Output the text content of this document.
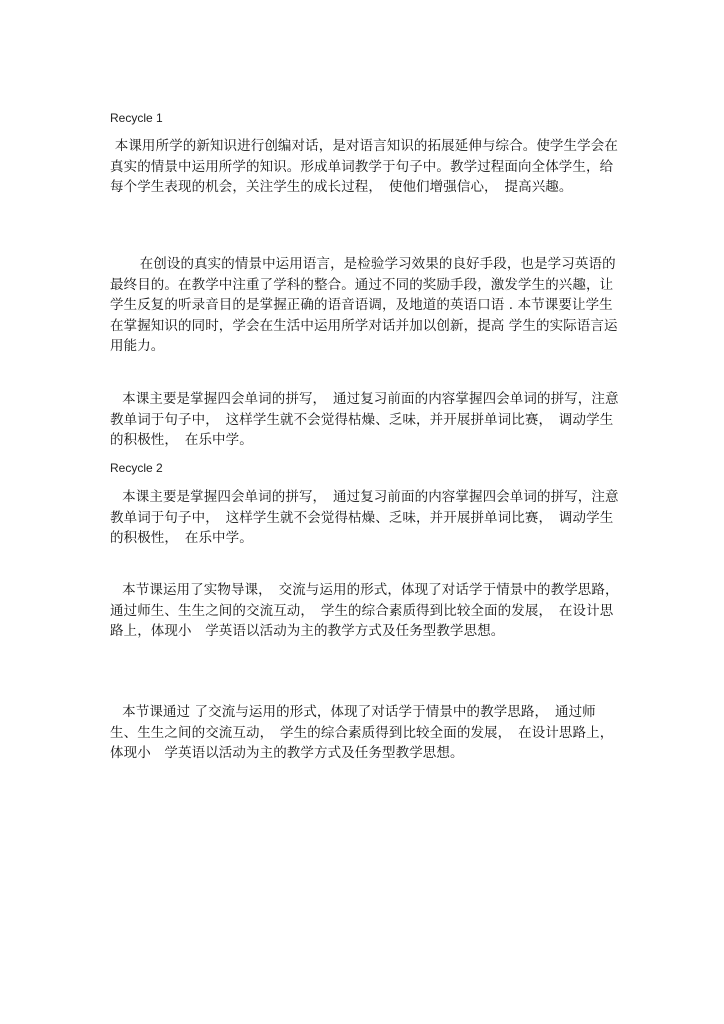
Recycle 1

本课用所学的新知识进行创编对话，是对语言知识的拓展延伸与综合。使学生学会在真实的情景中运用所学的知识。形成单词教学于句子中。教学过程面向全体学生，给每个学生表现的机会，关注学生的成长过程，　使他们增强信心，　提高兴趣。

在创设的真实的情景中运用语言，是检验学习效果的良好手段，也是学习英语的最终目的。在教学中注重了学科的整合。通过不同的奖励手段，激发学生的兴趣，让学生反复的听录音目的是掌握正确的语音语调，及地道的英语口语 . 本节课要让学生在掌握知识的同时，学会在生活中运用所学对话并加以创新，提高 学生的实际语言运用能力。

本课主要是掌握四会单词的拼写，　通过复习前面的内容掌握四会单词的拼写，注意教单词于句子中，　这样学生就不会觉得枯燥、乏味，并开展拼单词比赛，　调动学生的积极性，　在乐中学。

Recycle 2

本课主要是掌握四会单词的拼写，　通过复习前面的内容掌握四会单词的拼写，注意教单词于句子中，　这样学生就不会觉得枯燥、乏味，并开展拼单词比赛，　调动学生的积极性，　在乐中学。

本节课运用了实物导课，　交流与运用的形式，体现了对话学于情景中的教学思路，　通过师生、生生之间的交流互动，　学生的综合素质得到比较全面的发展，　在设计思路上，体现小　学英语以活动为主的教学方式及任务型教学思想。

本节课通过 了交流与运用的形式，体现了对话学于情景中的教学思路，　通过师生、生生之间的交流互动，　学生的综合素质得到比较全面的发展，　在设计思路上，体现小　学英语以活动为主的教学方式及任务型教学思想。
